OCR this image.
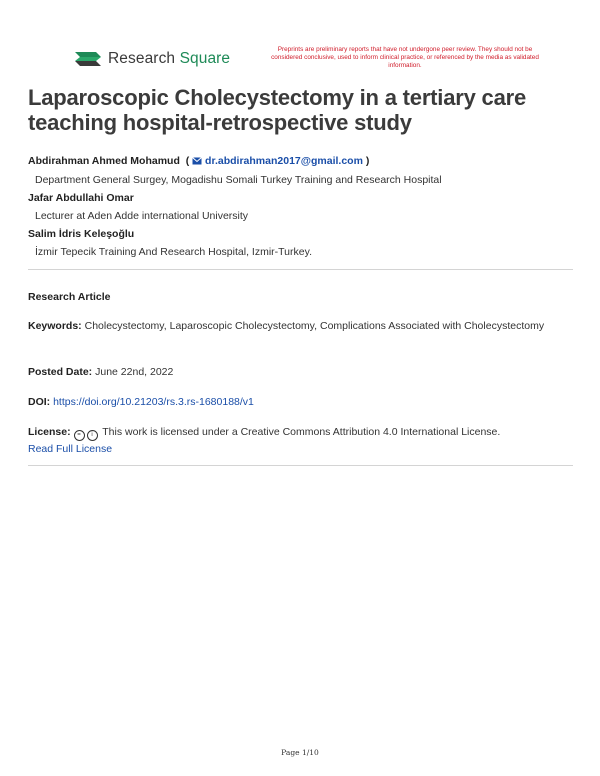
Research Square
Preprints are preliminary reports that have not undergone peer review. They should not be considered conclusive, used to inform clinical practice, or referenced by the media as validated information.
Laparoscopic Cholecystectomy in a tertiary care teaching hospital-retrospective study
Abdirahman Ahmed Mohamud  (  dr.abdirahman2017@gmail.com )
Department General Surgey, Mogadishu Somali Turkey Training and Research Hospital
Jafar Abdullahi Omar
Lecturer at Aden Adde international University
Salim İdris Keleşoğlu
İzmir Tepecik Training And Research Hospital, Izmir-Turkey.
Research Article
Keywords: Cholecystectomy, Laparoscopic Cholecystectomy, Complications Associated with Cholecystectomy
Posted Date: June 22nd, 2022
DOI: https://doi.org/10.21203/rs.3.rs-1680188/v1
License: = i This work is licensed under a Creative Commons Attribution 4.0 International License.
Read Full License
Page 1/10
